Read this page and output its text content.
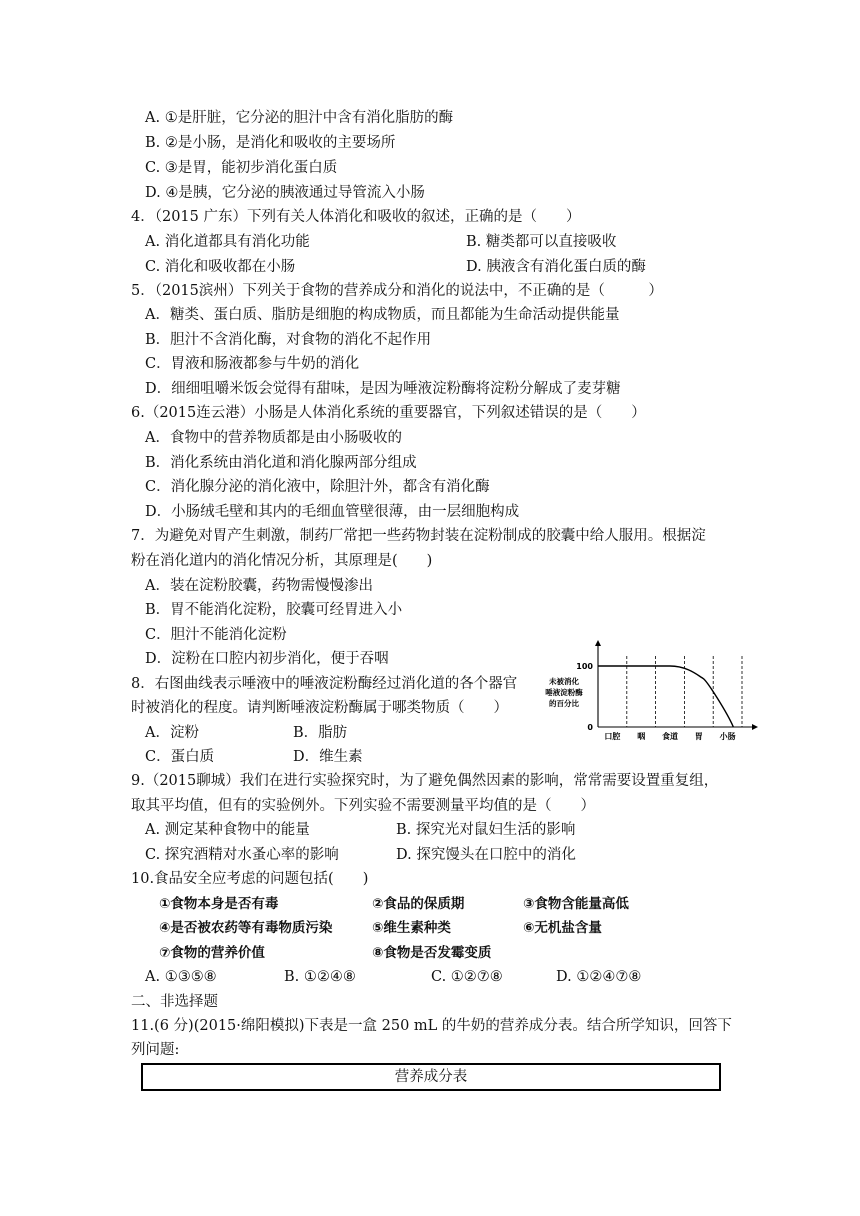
A. ①是肝脏，它分泌的胆汁中含有消化脂肪的酶
B. ②是小肠，是消化和吸收的主要场所
C. ③是胃，能初步消化蛋白质
D. ④是胰，它分泌的胰液通过导管流入小肠
4．（2015 广东）下列有关人体消化和吸收的叙述，正确的是（　　）
A. 消化道都具有消化功能	B. 糖类都可以直接吸收
C. 消化和吸收都在小肠	D. 胰液含有消化蛋白质的酶
5．（2015滨州）下列关于食物的营养成分和消化的说法中，不正确的是（　　　）
A．糖类、蛋白质、脂肪是细胞的构成物质，而且都能为生命活动提供能量
B．胆汁不含消化酶，对食物的消化不起作用
C．胃液和肠液都参与牛奶的消化
D．细细咀嚼米饭会觉得有甜味，是因为唾液淀粉酶将淀粉分解成了麦芽糖
6.（2015连云港）小肠是人体消化系统的重要器官，下列叙述错误的是（　　）
A．食物中的营养物质都是由小肠吸收的
B．消化系统由消化道和消化腺两部分组成
C．消化腺分泌的消化液中，除胆汁外，都含有消化酶
D．小肠绒毛壁和其内的毛细血管壁很薄，由一层细胞构成
7．为避免对胃产生刺激，制药厂常把一些药物封装在淀粉制成的胶囊中给人服用。根据淀
粉在消化道内的消化情况分析，其原理是(　　)
A．装在淀粉胶囊，药物需慢慢渗出
B．胃不能消化淀粉，胶囊可经胃进入小
C．胆汁不能消化淀粉
D．淀粉在口腔内初步消化，便于吞咽
8．右图曲线表示唾液中的唾液淀粉酶经过消化道的各个器官
时被消化的程度。请判断唾液淀粉酶属于哪类物质（　　）
A．淀粉	B．脂肪
C．蛋白质	D．维生素
未被消化
唾液淀粉酶
的百分比
100
0
口腔 咽 食道 胃 小肠
9.（2015聊城）我们在进行实验探究时，为了避免偶然因素的影响，常常需要设置重复组，
取其平均值，但有的实验例外。下列实验不需要测量平均值的是（　　）
A. 测定某种食物中的能量	B. 探究光对鼠妇生活的影响
C. 探究酒精对水蚤心率的影响	D. 探究馒头在口腔中的消化
10.食品安全应考虑的问题包括(　　)
①食物本身是否有毒	②食品的保质期	③食物含能量高低
④是否被农药等有毒物质污染	⑤维生素种类	⑥无机盐含量
⑦食物的营养价值	⑧食物是否发霉变质
A. ①③⑤⑧	B. ①②④⑧	C. ①②⑦⑧	D. ①②④⑦⑧
二、非选择题
11.(6 分)(2015·绵阳模拟)下表是一盒 250 mL 的牛奶的营养成分表。结合所学知识，回答下
列问题:
营养成分表
